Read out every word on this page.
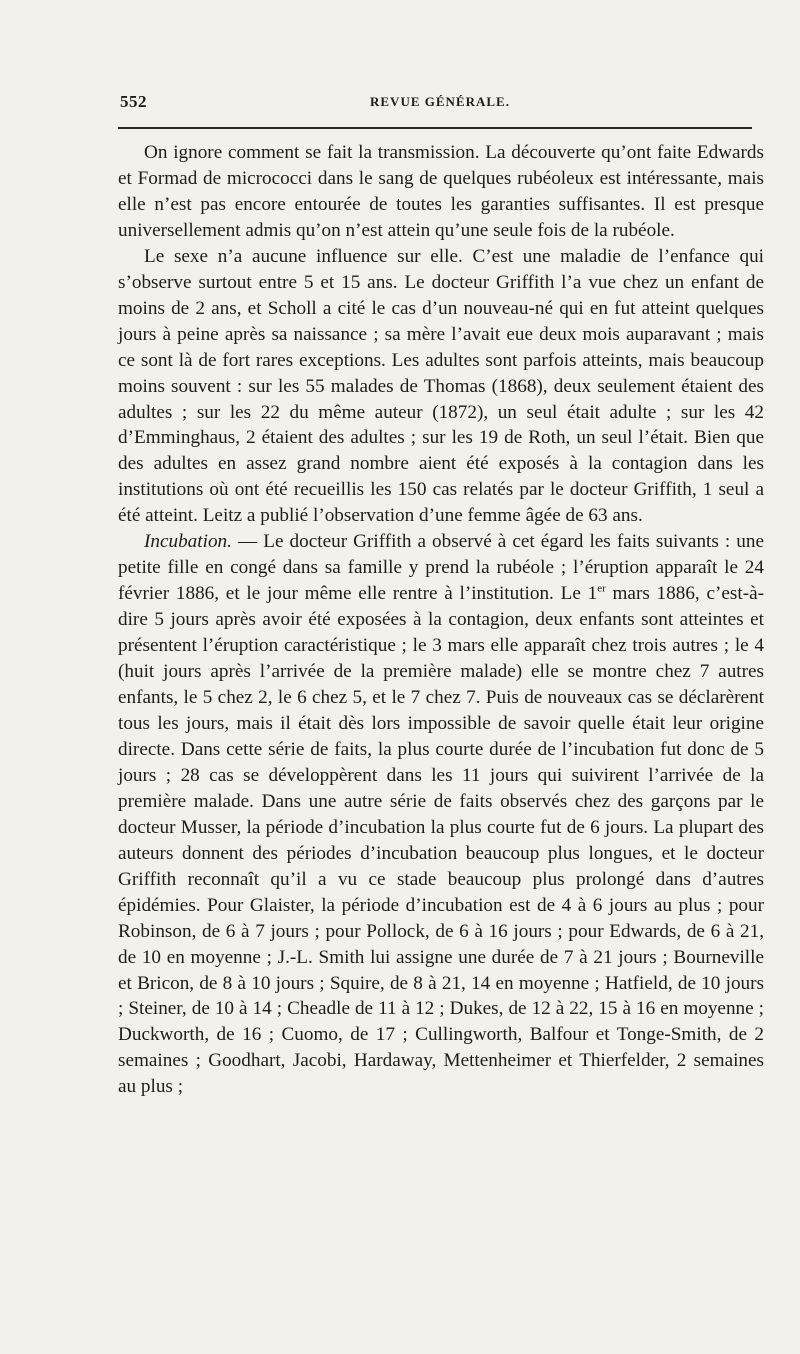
552	REVUE GÉNÉRALE.

On ignore comment se fait la transmission. La découverte qu’ont faite Edwards et Formad de micrococci dans le sang de quelques rubéoleux est intéressante, mais elle n’est pas encore entourée de toutes les garanties suffisantes. Il est presque universellement admis qu’on n’est attein qu’une seule fois de la rubéole.

Le sexe n’a aucune influence sur elle. C’est une maladie de l’enfance qui s’observe surtout entre 5 et 15 ans. Le docteur Griffith l’a vue chez un enfant de moins de 2 ans, et Scholl a cité le cas d’un nouveau-né qui en fut atteint quelques jours à peine après sa naissance ; sa mère l’avait eue deux mois auparavant ; mais ce sont là de fort rares exceptions. Les adultes sont parfois atteints, mais beaucoup moins souvent : sur les 55 malades de Thomas (1868), deux seulement étaient des adultes ; sur les 22 du même auteur (1872), un seul était adulte ; sur les 42 d’Emminghaus, 2 étaient des adultes ; sur les 19 de Roth, un seul l’était. Bien que des adultes en assez grand nombre aient été exposés à la contagion dans les institutions où ont été recueillis les 150 cas relatés par le docteur Griffith, 1 seul a été atteint. Leitz a publié l’observation d’une femme âgée de 63 ans.

Incubation. — Le docteur Griffith a observé à cet égard les faits suivants : une petite fille en congé dans sa famille y prend la rubéole ; l’éruption apparaît le 24 février 1886, et le jour même elle rentre à l’institution. Le 1er mars 1886, c’est-à-dire 5 jours après avoir été exposées à la contagion, deux enfants sont atteintes et présentent l’éruption caractéristique ; le 3 mars elle apparaît chez trois autres ; le 4 (huit jours après l’arrivée de la première malade) elle se montre chez 7 autres enfants, le 5 chez 2, le 6 chez 5, et le 7 chez 7. Puis de nouveaux cas se déclarèrent tous les jours, mais il était dès lors impossible de savoir quelle était leur origine directe. Dans cette série de faits, la plus courte durée de l’incubation fut donc de 5 jours ; 28 cas se développèrent dans les 11 jours qui suivirent l’arrivée de la première malade. Dans une autre série de faits observés chez des garçons par le docteur Musser, la période d’incubation la plus courte fut de 6 jours. La plupart des auteurs donnent des périodes d’incubation beaucoup plus longues, et le docteur Griffith reconnaît qu’il a vu ce stade beaucoup plus prolongé dans d’autres épidémies. Pour Glaister, la période d’incubation est de 4 à 6 jours au plus ; pour Robinson, de 6 à 7 jours ; pour Pollock, de 6 à 16 jours ; pour Edwards, de 6 à 21, de 10 en moyenne ; J.-L. Smith lui assigne une durée de 7 à 21 jours ; Bourneville et Bricon, de 8 à 10 jours ; Squire, de 8 à 21, 14 en moyenne ; Hatfield, de 10 jours ; Steiner, de 10 à 14 ; Cheadle de 11 à 12 ; Dukes, de 12 à 22, 15 à 16 en moyenne ; Duckworth, de 16 ; Cuomo, de 17 ; Cullingworth, Balfour et Tonge-Smith, de 2 semaines ; Goodhart, Jacobi, Hardaway, Mettenheimer et Thierfelder, 2 semaines au plus ;
